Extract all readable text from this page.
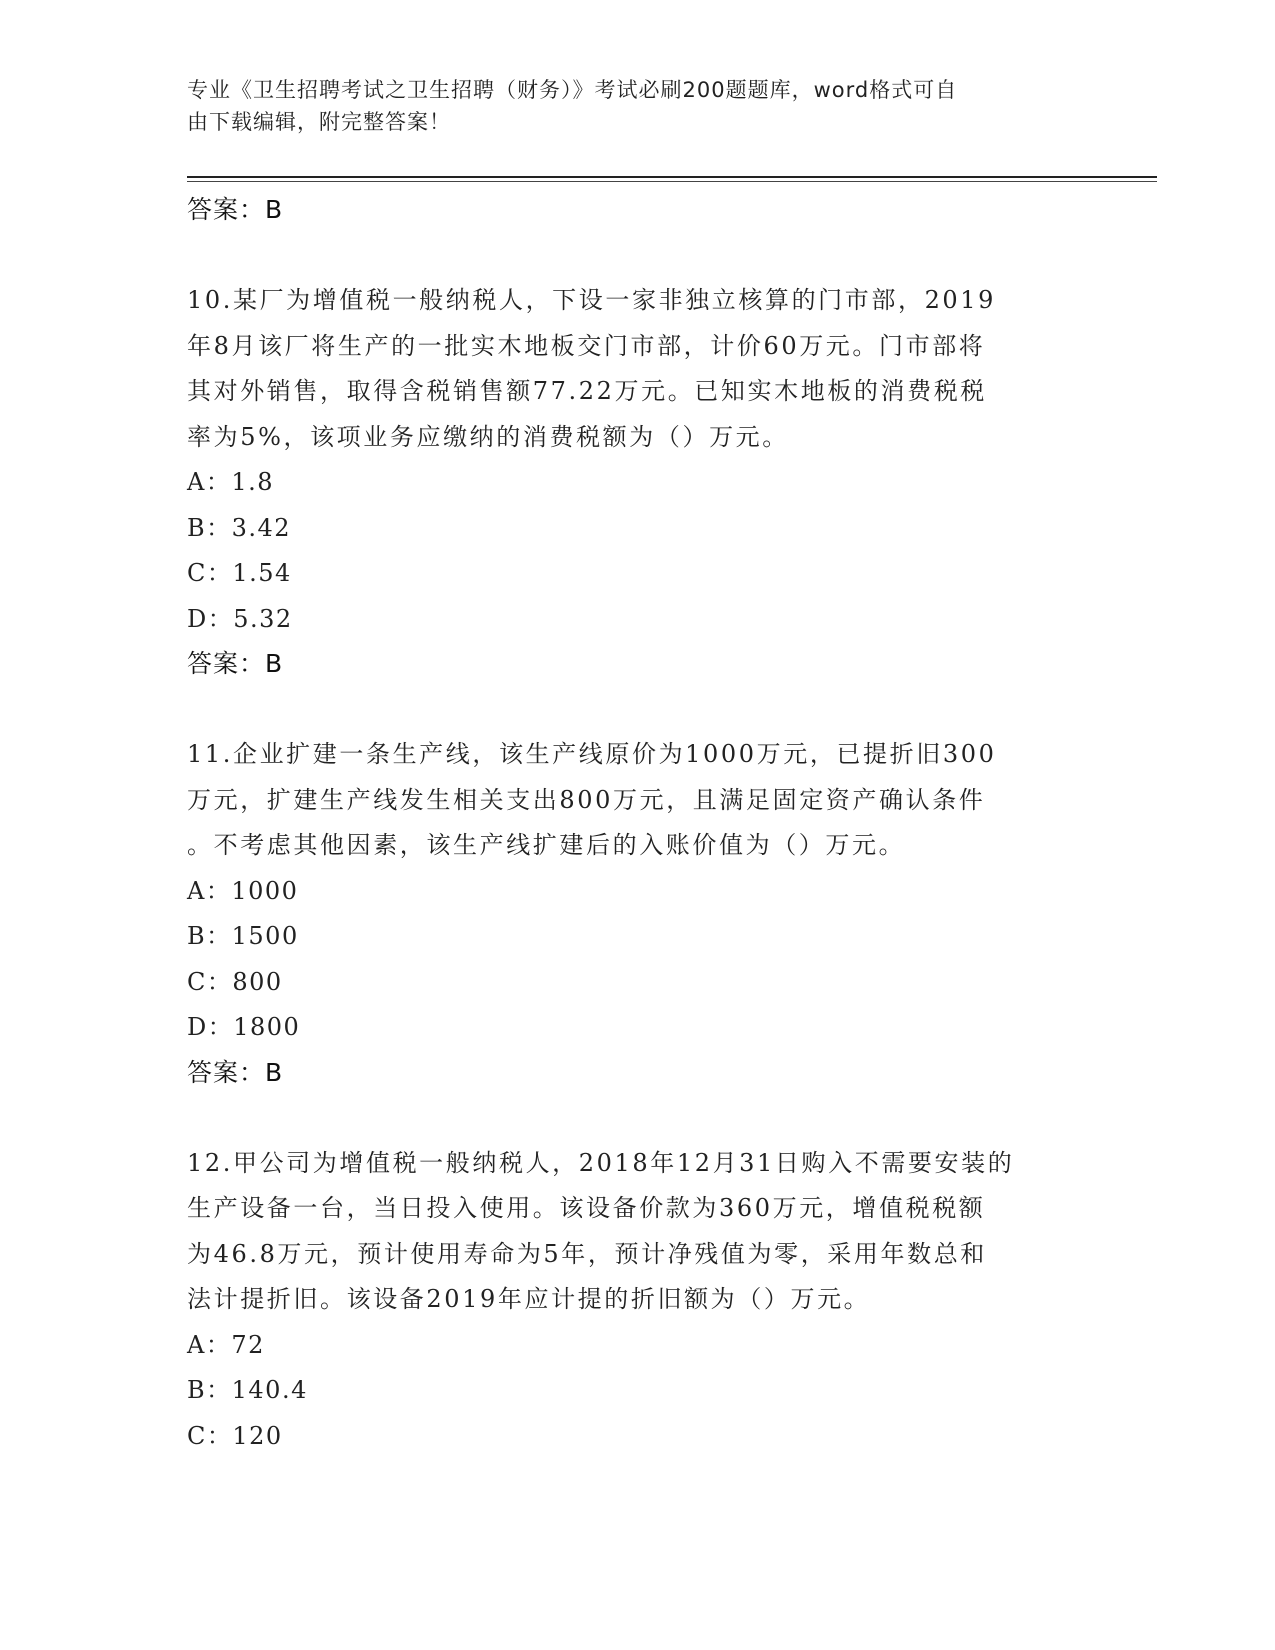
专业《卫生招聘考试之卫生招聘（财务）》考试必刷200题题库，word格式可自
由下载编辑，附完整答案！
答案：B
10.某厂为增值税一般纳税人，下设一家非独立核算的门市部，2019
年8月该厂将生产的一批实木地板交门市部，计价60万元。门市部将
其对外销售，取得含税销售额77.22万元。已知实木地板的消费税税
率为5%，该项业务应缴纳的消费税额为（）万元。
A：1.8
B：3.42
C：1.54
D：5.32
答案：B
11.企业扩建一条生产线，该生产线原价为1000万元，已提折旧300
万元，扩建生产线发生相关支出800万元，且满足固定资产确认条件
。不考虑其他因素，该生产线扩建后的入账价值为（）万元。
A：1000
B：1500
C：800
D：1800
答案：B
12.甲公司为增值税一般纳税人，2018年12月31日购入不需要安装的
生产设备一台，当日投入使用。该设备价款为360万元，增值税税额
为46.8万元，预计使用寿命为5年，预计净残值为零，采用年数总和
法计提折旧。该设备2019年应计提的折旧额为（）万元。
A：72
B：140.4
C：120
